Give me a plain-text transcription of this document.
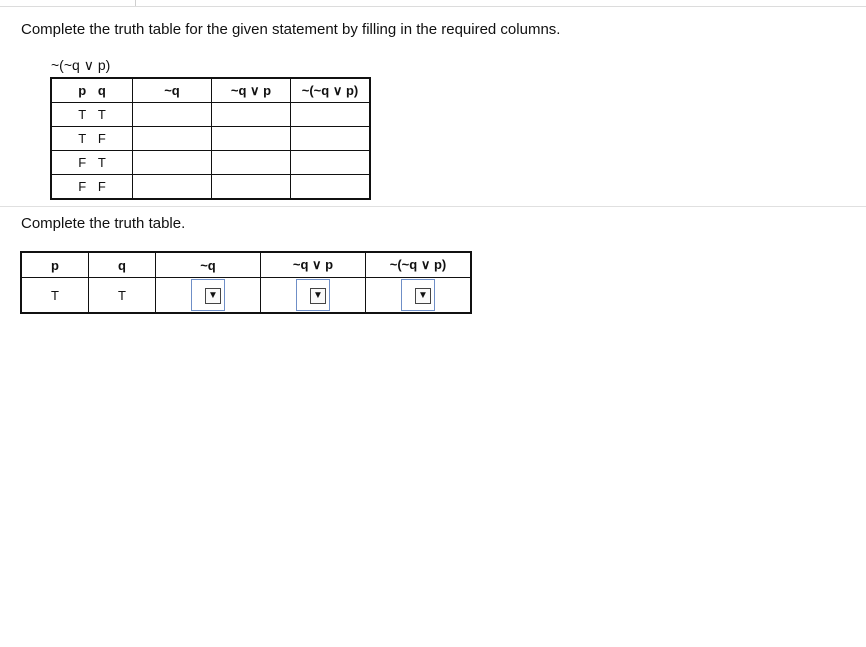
Complete the truth table for the given statement by filling in the required columns.
~(~q ∨ p)
p q	~q	~q ∨ p	~(~q ∨ p)
T T			
T F			
F T			
F F			
Complete the truth table.
p	q	~q	~q ∨ p	~(~q ∨ p)
T	T	▼	▼	▼
